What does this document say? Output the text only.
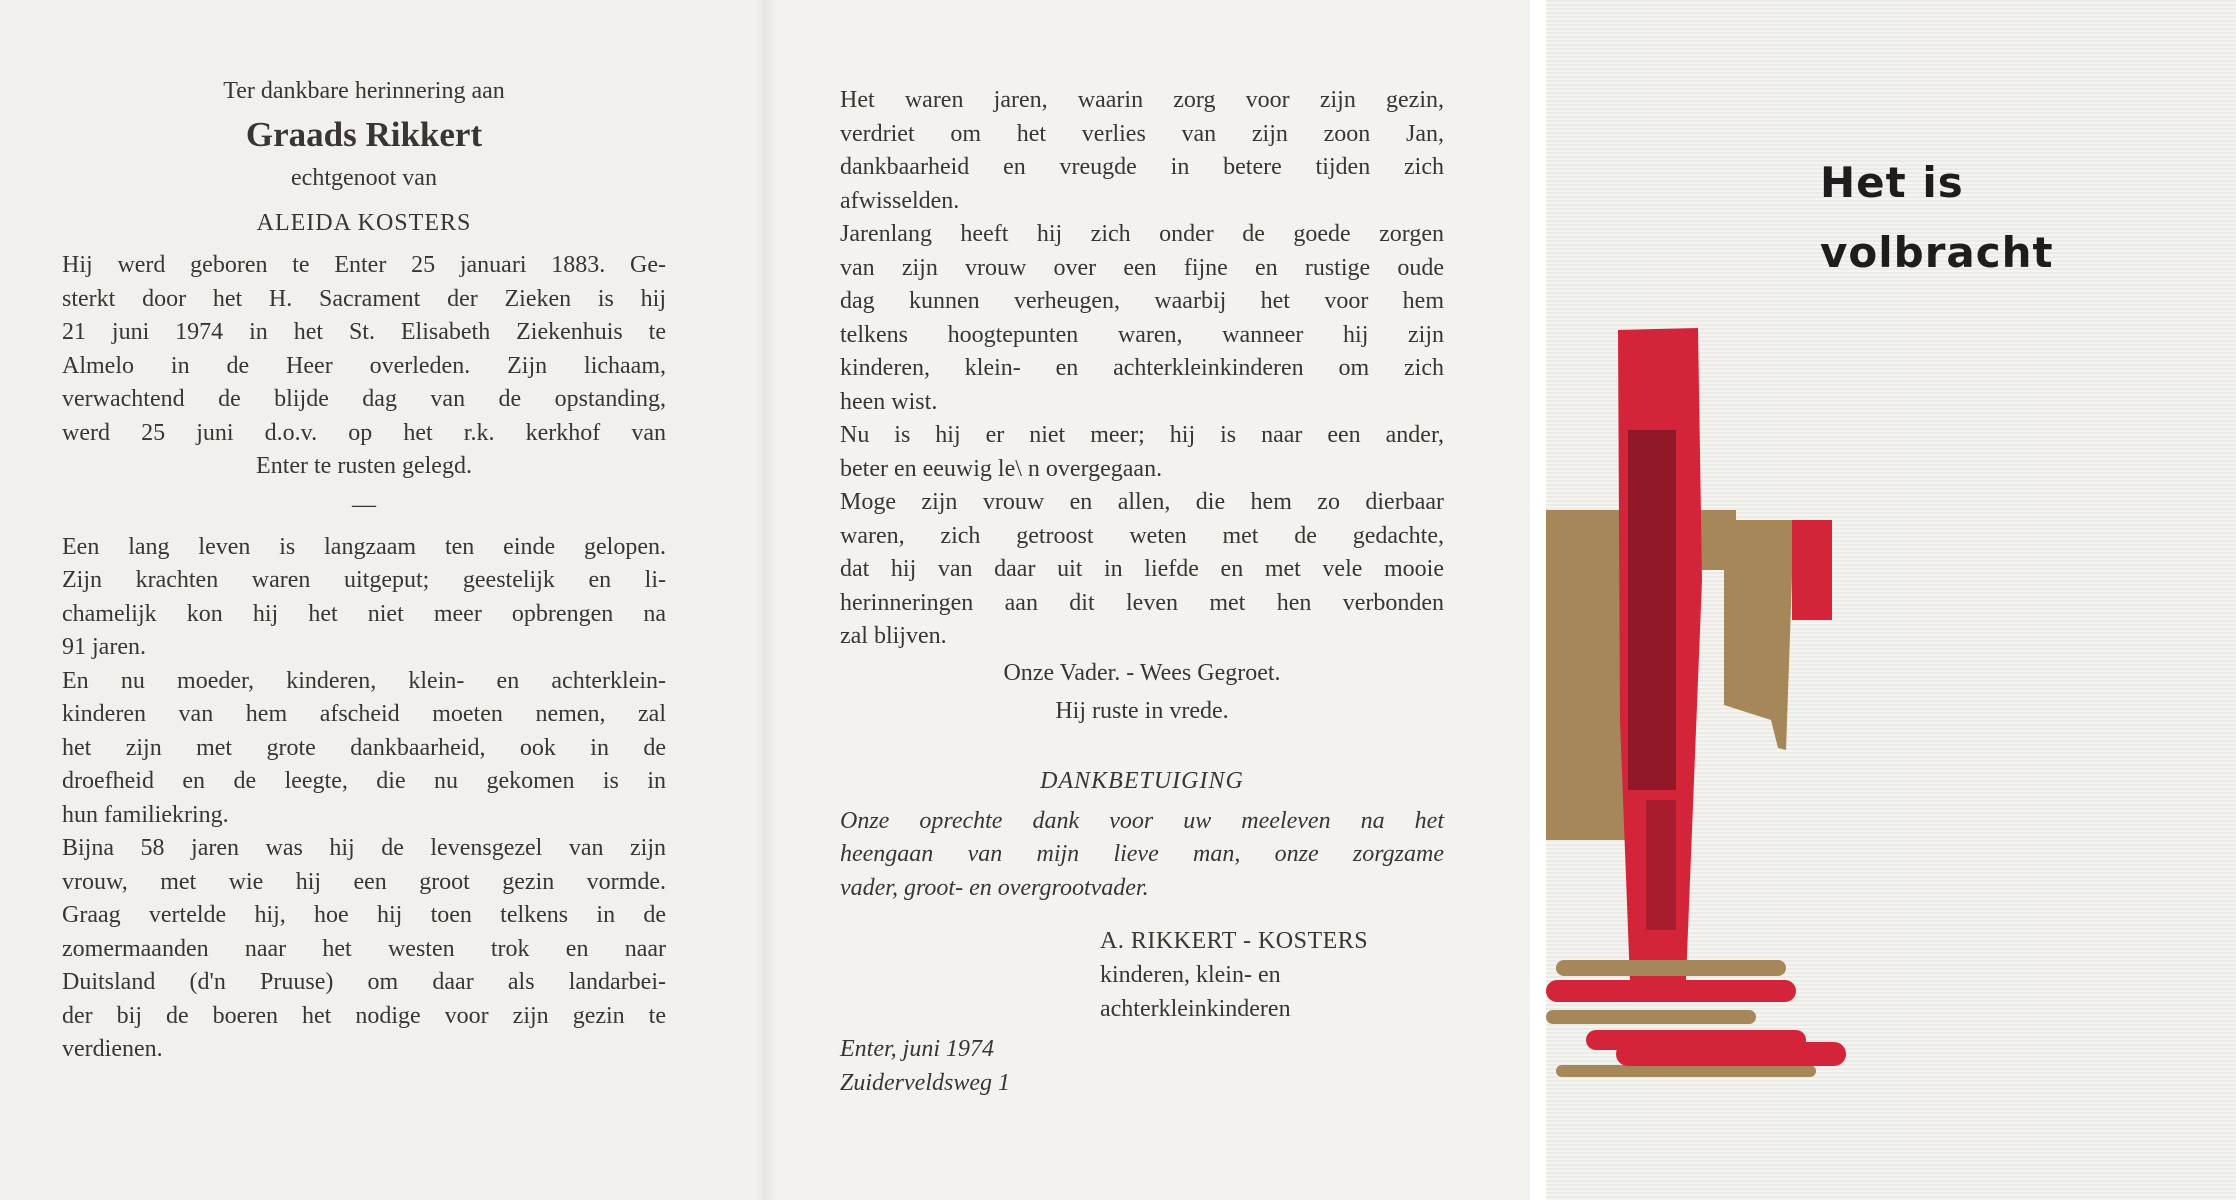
Ter dankbare herinnering aan
Graads Rikkert
echtgenoot van
ALEIDA KOSTERS
Hij werd geboren te Enter 25 januari 1883. Ge-
sterkt door het H. Sacrament der Zieken is hij
21 juni 1974 in het St. Elisabeth Ziekenhuis te
Almelo in de Heer overleden. Zijn lichaam,
verwachtend de blijde dag van de opstanding,
werd 25 juni d.o.v. op het r.k. kerkhof van
Enter te rusten gelegd.
—
Een lang leven is langzaam ten einde gelopen.
Zijn krachten waren uitgeput; geestelijk en li-
chamelijk kon hij het niet meer opbrengen na
91 jaren.
En nu moeder, kinderen, klein- en achterklein-
kinderen van hem afscheid moeten nemen, zal
het zijn met grote dankbaarheid, ook in de
droefheid en de leegte, die nu gekomen is in
hun familiekring.
Bijna 58 jaren was hij de levensgezel van zijn
vrouw, met wie hij een groot gezin vormde.
Graag vertelde hij, hoe hij toen telkens in de
zomermaanden naar het westen trok en naar
Duitsland (d'n Pruuse) om daar als landarbei-
der bij de boeren het nodige voor zijn gezin te
verdienen.
Het waren jaren, waarin zorg voor zijn gezin,
verdriet om het verlies van zijn zoon Jan,
dankbaarheid en vreugde in betere tijden zich
afwisselden.
Jarenlang heeft hij zich onder de goede zorgen
van zijn vrouw over een fijne en rustige oude
dag kunnen verheugen, waarbij het voor hem
telkens hoogtepunten waren, wanneer hij zijn
kinderen, klein- en achterkleinkinderen om zich
heen wist.
Nu is hij er niet meer; hij is naar een ander,
beter en eeuwig le\ n overgegaan.
Moge zijn vrouw en allen, die hem zo dierbaar
waren, zich getroost weten met de gedachte,
dat hij van daar uit in liefde en met vele mooie
herinneringen aan dit leven met hen verbonden
zal blijven.
Onze Vader. - Wees Gegroet.
Hij ruste in vrede.
DANKBETUIGING
Onze oprechte dank voor uw meeleven na het
heengaan van mijn lieve man, onze zorgzame
vader, groot- en overgrootvader.
A. RIKKERT - KOSTERS
kinderen, klein- en
achterkleinkinderen
Enter, juni 1974
Zuiderveldsweg 1
Het is
volbracht
